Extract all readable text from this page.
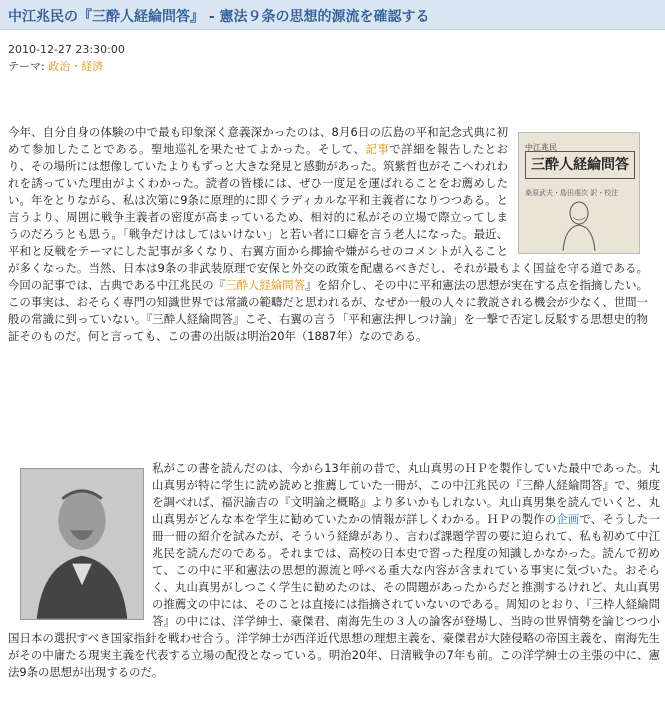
中江兆民の『三酔人経綸問答』 - 憲法９条の思想的源流を確認する
2010-12-27 23:30:00
テーマ: 政治・経済

中江兆民
三酔人経綸問答
桑原武夫・島田虔次 訳・校注
今年、自分自身の体験の中で最も印象深く意義深かったのは、8月6日の広島の平和記念式典に初めて参加したことである。聖地巡礼を果たせてよかった。そして、記事で詳細を報告したとおり、その場所には想像していたよりもずっと大きな発見と感動があった。筑紫哲也がそこへわれわれを誘っていた理由がよくわかった。読者の皆様には、ぜひ一度足を運ばれることをお薦めしたい。年をとりながら、私は次第に9条に原理的に即くラディカルな平和主義者になりつつある。と言うより、周囲に戦争主義者の密度が高まっているため、相対的に私がその立場で際立ってしまうのだろうとも思う。「戦争だけはしてはいけない」と若い者に口癖を言う老人になった。最近、平和と反戦をテーマにした記事が多くなり、右翼方面から揶揄や嫌がらせのコメントが入ることが多くなった。当然、日本は9条の非武装原理で安保と外交の政策を配慮るべきだし、それが最もよく国益を守る道である。今回の記事では、古典である中江兆民の『三酔人経綸問答』を紹介し、その中に平和憲法の思想が実在する点を指摘したい。この事実は、おそらく専門の知識世界では常識の範疇だと思われるが、なぜか一般の人々に教説される機会が少なく、世間一般の常識に到っていない。『三酔人経綸問答』こそ、右翼の言う「平和憲法押しつけ論」を一撃で否定し反駁する思想史的物証そのものだ。何と言っても、この書の出版は明治20年（1887年）なのである。

私がこの書を読んだのは、今から13年前の昔で、丸山真男のＨＰを製作していた最中であった。丸山真男が特に学生に読め読めと推薦していた一冊が、この中江兆民の『三酔人経綸問答』で、頻度を調べれば、福沢諭吉の『文明論之概略』より多いかもしれない。丸山真男集を読んでいくと、丸山真男がどんな本を学生に勧めていたかの情報が詳しくわかる。ＨＰの製作の企画で、そうした一冊一冊の紹介を試みたが、そういう経緯があり、言わば課題学習の要に迫られて、私も初めて中江兆民を読んだのである。それまでは、高校の日本史で習った程度の知識しかなかった。読んで初めて、この中に平和憲法の思想的源流と呼べる重大な内容が含まれている事実に気づいた。おそらく、丸山真男がしつこく学生に勧めたのは、その問題があったからだと推測するけれど、丸山真男の推薦文の中には、そのことは直接には指摘されていないのである。周知のとおり、『三枠人経綸問答』の中には、洋学紳士、豪傑君、南海先生の３人の論客が登場し、当時の世界情勢を論じつつ小国日本の選択すべき国家指針を戦わせ合う。洋学紳士が西洋近代思想の理想主義を、豪傑君が大陸侵略の帝国主義を、南海先生がその中庸たる現実主義を代表する立場の配役となっている。明治20年、日清戦争の7年も前。この洋学紳士の主張の中に、憲法9条の思想が出現するのだ。
